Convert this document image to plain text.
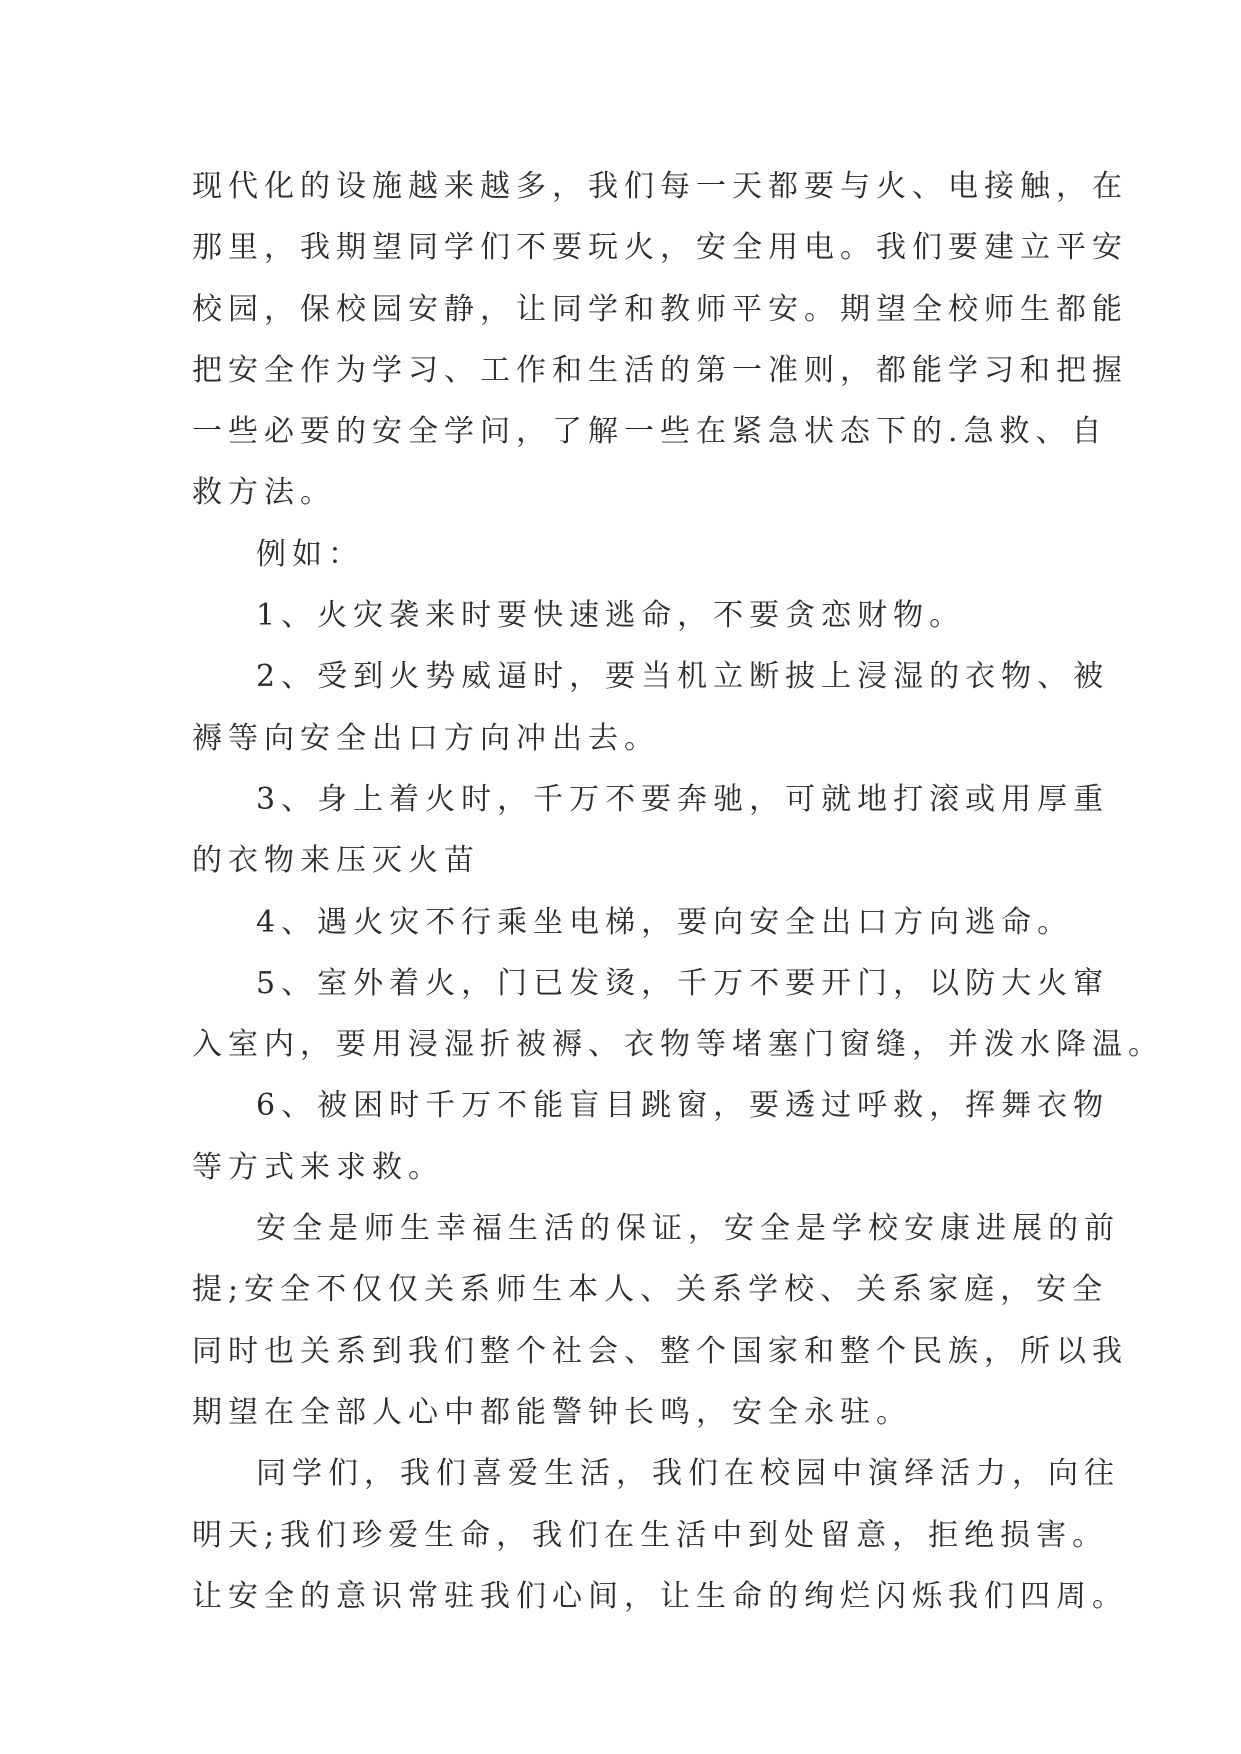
现代化的设施越来越多，我们每一天都要与火、电接触，在
那里，我期望同学们不要玩火，安全用电。我们要建立平安
校园，保校园安静，让同学和教师平安。期望全校师生都能
把安全作为学习、工作和生活的第一准则，都能学习和把握
一些必要的安全学问，了解一些在紧急状态下的.急救、自
救方法。
例如：
1、火灾袭来时要快速逃命，不要贪恋财物。
2、受到火势威逼时，要当机立断披上浸湿的衣物、被
褥等向安全出口方向冲出去。
3、身上着火时，千万不要奔驰，可就地打滚或用厚重
的衣物来压灭火苗
4、遇火灾不行乘坐电梯，要向安全出口方向逃命。
5、室外着火，门已发烫，千万不要开门，以防大火窜
入室内，要用浸湿折被褥、衣物等堵塞门窗缝，并泼水降温。
6、被困时千万不能盲目跳窗，要透过呼救，挥舞衣物
等方式来求救。
安全是师生幸福生活的保证，安全是学校安康进展的前
提;安全不仅仅关系师生本人、关系学校、关系家庭，安全
同时也关系到我们整个社会、整个国家和整个民族，所以我
期望在全部人心中都能警钟长鸣，安全永驻。
同学们，我们喜爱生活，我们在校园中演绎活力，向往
明天;我们珍爱生命，我们在生活中到处留意，拒绝损害。
让安全的意识常驻我们心间，让生命的绚烂闪烁我们四周。
